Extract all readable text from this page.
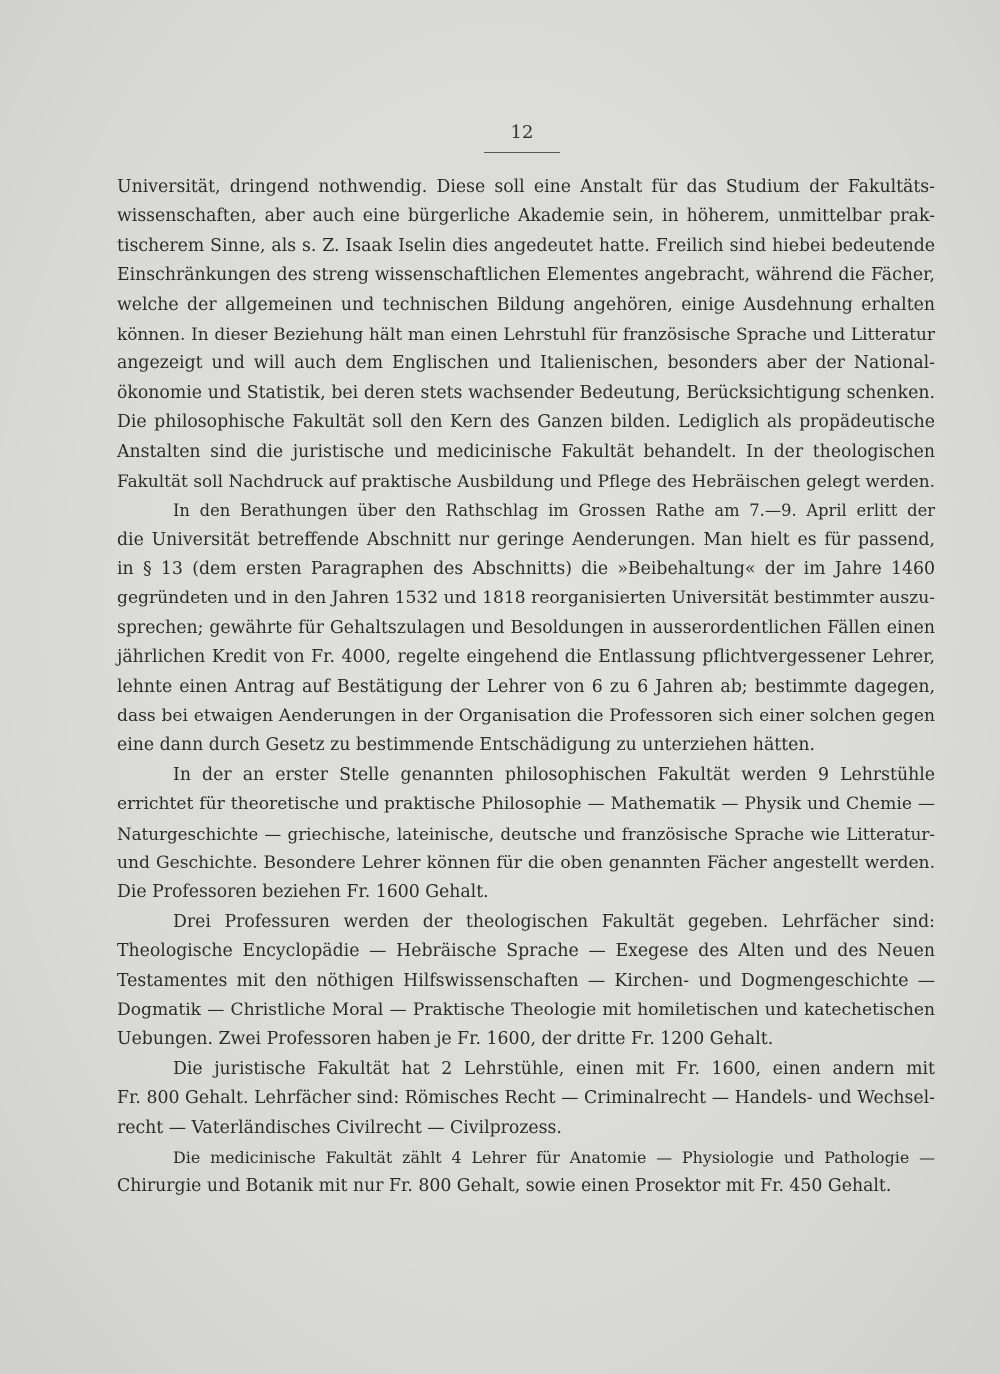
12
Universität, dringend nothwendig. Diese soll eine Anstalt für das Studium der Fakultäts-
wissenschaften, aber auch eine bürgerliche Akademie sein, in höherem, unmittelbar prak-
tischerem Sinne, als s. Z. Isaak Iselin dies angedeutet hatte. Freilich sind hiebei bedeutende
Einschränkungen des streng wissenschaftlichen Elementes angebracht, während die Fächer,
welche der allgemeinen und technischen Bildung angehören, einige Ausdehnung erhalten
können. In dieser Beziehung hält man einen Lehrstuhl für französische Sprache und Litteratur
angezeigt und will auch dem Englischen und Italienischen, besonders aber der National-
ökonomie und Statistik, bei deren stets wachsender Bedeutung, Berücksichtigung schenken.
Die philosophische Fakultät soll den Kern des Ganzen bilden. Lediglich als propädeutische
Anstalten sind die juristische und medicinische Fakultät behandelt. In der theologischen
Fakultät soll Nachdruck auf praktische Ausbildung und Pflege des Hebräischen gelegt werden.
In den Berathungen über den Rathschlag im Grossen Rathe am 7.—9. April erlitt der
die Universität betreffende Abschnitt nur geringe Aenderungen. Man hielt es für passend,
in § 13 (dem ersten Paragraphen des Abschnitts) die »Beibehaltung« der im Jahre 1460
gegründeten und in den Jahren 1532 und 1818 reorganisierten Universität bestimmter auszu-
sprechen; gewährte für Gehaltszulagen und Besoldungen in ausserordentlichen Fällen einen
jährlichen Kredit von Fr. 4000, regelte eingehend die Entlassung pflichtvergessener Lehrer,
lehnte einen Antrag auf Bestätigung der Lehrer von 6 zu 6 Jahren ab; bestimmte dagegen,
dass bei etwaigen Aenderungen in der Organisation die Professoren sich einer solchen gegen
eine dann durch Gesetz zu bestimmende Entschädigung zu unterziehen hätten.
In der an erster Stelle genannten philosophischen Fakultät werden 9 Lehrstühle
errichtet für theoretische und praktische Philosophie — Mathematik — Physik und Chemie —
Naturgeschichte — griechische, lateinische, deutsche und französische Sprache wie Litteratur-
und Geschichte. Besondere Lehrer können für die oben genannten Fächer angestellt werden.
Die Professoren beziehen Fr. 1600 Gehalt.
Drei Professuren werden der theologischen Fakultät gegeben. Lehrfächer sind:
Theologische Encyclopädie — Hebräische Sprache — Exegese des Alten und des Neuen
Testamentes mit den nöthigen Hilfswissenschaften — Kirchen- und Dogmengeschichte —
Dogmatik — Christliche Moral — Praktische Theologie mit homiletischen und katechetischen
Uebungen. Zwei Professoren haben je Fr. 1600, der dritte Fr. 1200 Gehalt.
Die juristische Fakultät hat 2 Lehrstühle, einen mit Fr. 1600, einen andern mit
Fr. 800 Gehalt. Lehrfächer sind: Römisches Recht — Criminalrecht — Handels- und Wechsel-
recht — Vaterländisches Civilrecht — Civilprozess.
Die medicinische Fakultät zählt 4 Lehrer für Anatomie — Physiologie und Pathologie —
Chirurgie und Botanik mit nur Fr. 800 Gehalt, sowie einen Prosektor mit Fr. 450 Gehalt.
